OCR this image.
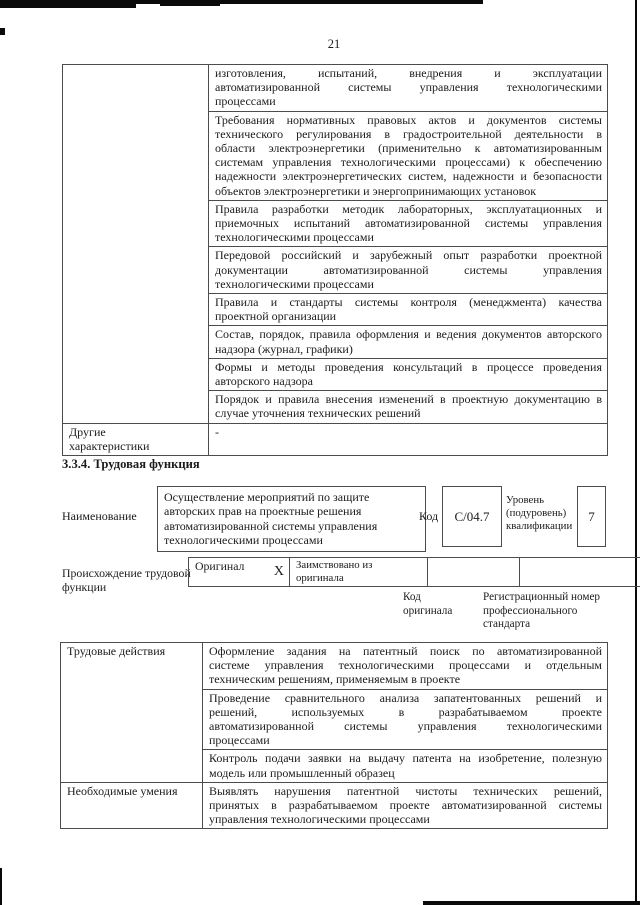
21

	изготовления, испытаний, внедрения и эксплуатации
автоматизированной системы управления технологическими
процессами

Требования нормативных правовых актов и документов системы
технического регулирования в градостроительной деятельности в
области электроэнергетики (применительно к автоматизированным
системам управления технологическими процессами) к обеспечению
надежности электроэнергетических систем, надежности и безопасности
объектов электроэнергетики и энергопринимающих установок

	Правила разработки методик лабораторных, эксплуатационных и
приемочных испытаний автоматизированной системы управления
технологическими процессами

	Передовой российский и зарубежный опыт разработки проектной
документации автоматизированной системы управления
технологическими процессами

	Правила и стандарты системы контроля (менеджмента) качества
проектной организации

	Состав, порядок, правила оформления и ведения документов авторского
надзора (журнал, графики)

	Формы и методы проведения консультаций в процессе проведения
авторского надзора

	Порядок и правила внесения изменений в проектную документацию в
случае уточнения технических решений

Другие
характеристики	-
3.3.4. Трудовая функция
Наименование
Осуществление мероприятий по защите
авторских прав на проектные решения
автоматизированной системы управления
технологическими процессами
Код	С/04.7
Уровень
(подуровень)
квалификации
7
Происхождение трудовой
функции
Оригинал X	Заимствовано из
оригинала

Код
оригинала
Регистрационный номер
профессионального
стандарта
Трудовые действия	Оформление задания на патентный поиск по автоматизированной
системе управления технологическими процессами и отдельным
техническим решениям, применяемым в проекте

	Проведение сравнительного анализа запатентованных решений и
решений, используемых в разрабатываемом проекте
автоматизированной системы управления технологическими
процессами

	Контроль подачи заявки на выдачу патента на изобретение, полезную
модель или промышленный образец

Необходимые умения	Выявлять нарушения патентной чистоты технических решений,
принятых в разрабатываемом проекте автоматизированной системы
управления технологическими процессами
